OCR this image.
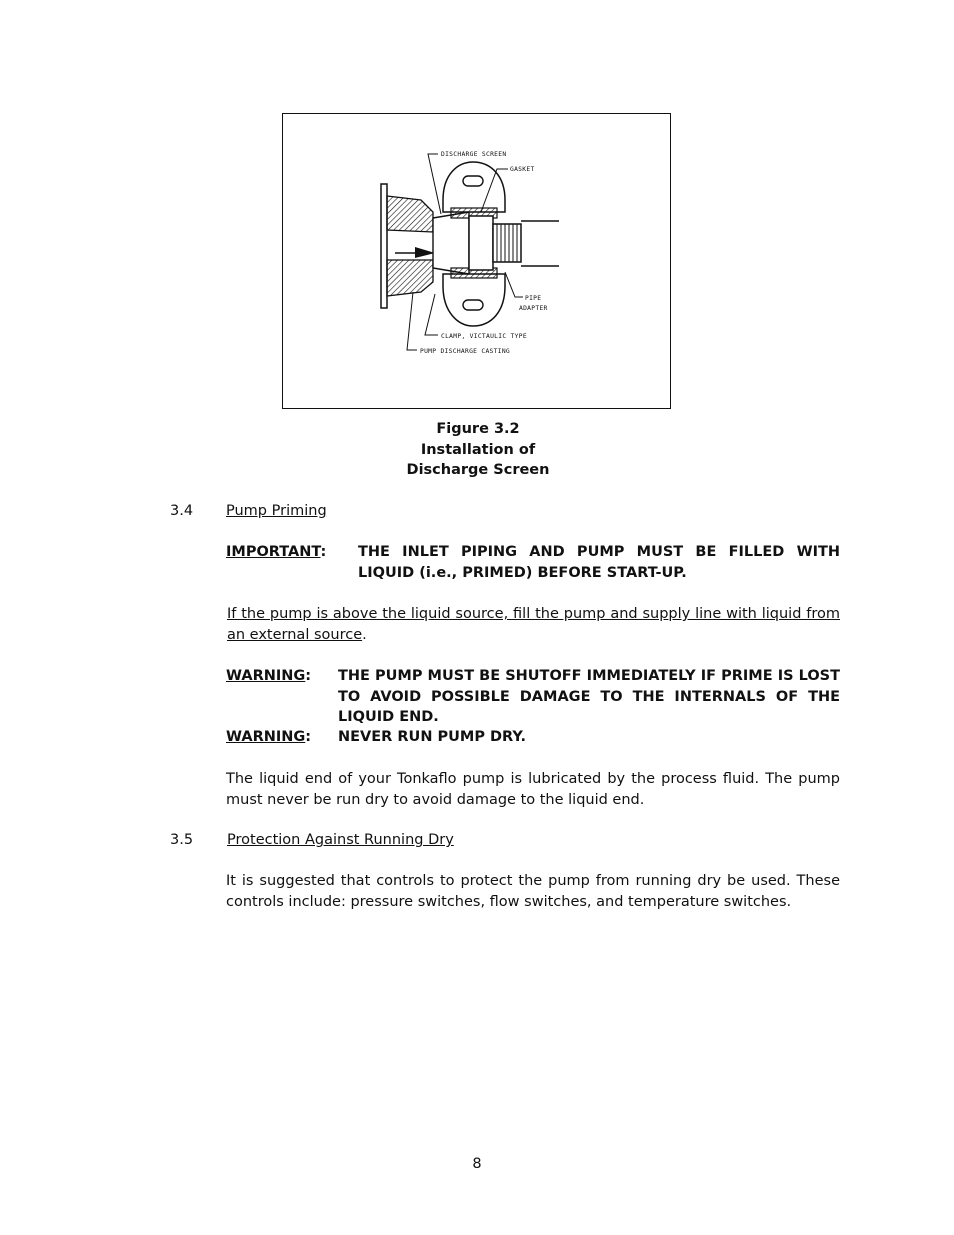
DISCHARGE SCREEN
GASKET
PIPE
ADAPTER
CLAMP, VICTAULIC TYPE
PUMP DISCHARGE CASTING
Figure 3.2
Installation of
Discharge Screen
3.4 Pump Priming
IMPORTANT: THE INLET PIPING AND PUMP MUST BE FILLED WITH LIQUID (i.e., PRIMED) BEFORE START-UP.
If the pump is above the liquid source, fill the pump and supply line with liquid from an external source.
WARNING: THE PUMP MUST BE SHUTOFF IMMEDIATELY IF PRIME IS LOST TO AVOID POSSIBLE DAMAGE TO THE INTERNALS OF THE LIQUID END.
WARNING: NEVER RUN PUMP DRY.
The liquid end of your Tonkaflo pump is lubricated by the process fluid. The pump must never be run dry to avoid damage to the liquid end.
3.5 Protection Against Running Dry
It is suggested that controls to protect the pump from running dry be used. These controls include: pressure switches, flow switches, and temperature switches.
8
